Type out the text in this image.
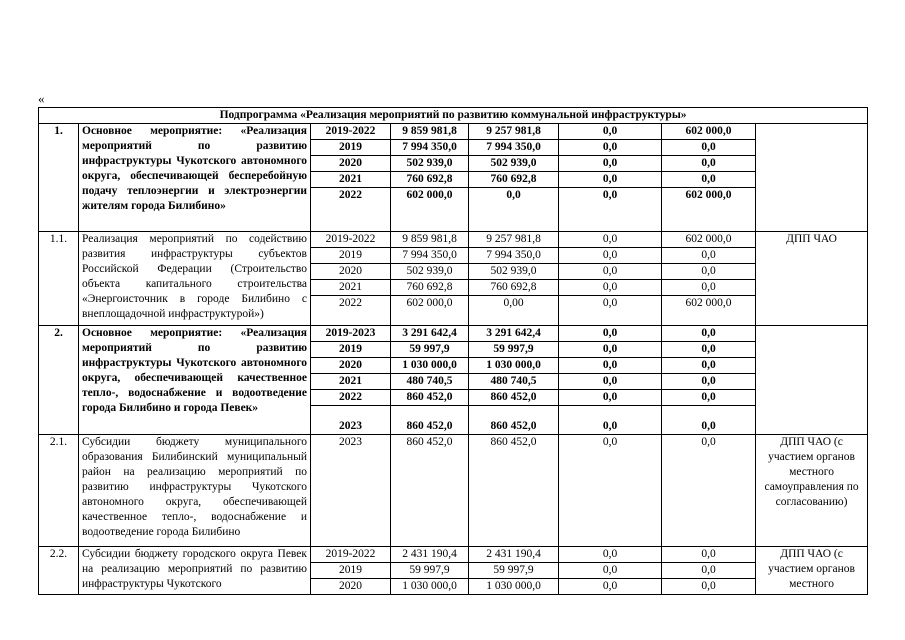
«
Подпрограмма «Реализация мероприятий по развитию коммунальной инфраструктуры»							
1.	Основное мероприятие: «Реализация мероприятий по развитию инфраструктуры Чукотского автономного округа, обеспечивающей бесперебойную подачу теплоэнергии и электроэнергии жителям города Билибино»	2019-2022	9 859 981,8	9 257 981,8	0,0	602 000,0	
		2019	7 994 350,0	7 994 350,0	0,0	0,0	
		2020	502 939,0	502 939,0	0,0	0,0	
		2021	760 692,8	760 692,8	0,0	0,0	
		2022	602 000,0	0,0	0,0	602 000,0	
1.1.	Реализация мероприятий по содействию развития инфраструктуры субъектов Российской Федерации (Строительство объекта капитального строительства «Энергоисточник в городе Билибино с внеплощадочной инфраструктурой»)	2019-2022	9 859 981,8	9 257 981,8	0,0	602 000,0	ДПП ЧАО
		2019	7 994 350,0	7 994 350,0	0,0	0,0	
		2020	502 939,0	502 939,0	0,0	0,0	
		2021	760 692,8	760 692,8	0,0	0,0	
		2022	602 000,0	0,00	0,0	602 000,0	
2.	Основное мероприятие: «Реализация мероприятий по развитию инфраструктуры Чукотского автономного округа, обеспечивающей качественное тепло-, водоснабжение и водоотведение города Билибино и города Певек»	2019-2023	3 291 642,4	3 291 642,4	0,0	0,0	
		2019	59 997,9	59 997,9	0,0	0,0	
		2020	1 030 000,0	1 030 000,0	0,0	0,0	
		2021	480 740,5	480 740,5	0,0	0,0	
		2022	860 452,0	860 452,0	0,0	0,0	
		2023	860 452,0	860 452,0	0,0	0,0	
2.1.	Субсидии бюджету муниципального образования Билибинский муниципальный район на реализацию мероприятий по развитию инфраструктуры Чукотского автономного округа, обеспечивающей качественное тепло-, водоснабжение и водоотведение города Билибино	2023	860 452,0	860 452,0	0,0	0,0	ДПП ЧАО (с участием органов местного самоуправления по согласованию)
2.2.	Субсидии бюджету городского округа Певек на реализацию мероприятий по развитию инфраструктуры Чукотского	2019-2022	2 431 190,4	2 431 190,4	0,0	0,0	ДПП ЧАО (с участием органов местного
		2019	59 997,9	59 997,9	0,0	0,0	
		2020	1 030 000,0	1 030 000,0	0,0	0,0	
